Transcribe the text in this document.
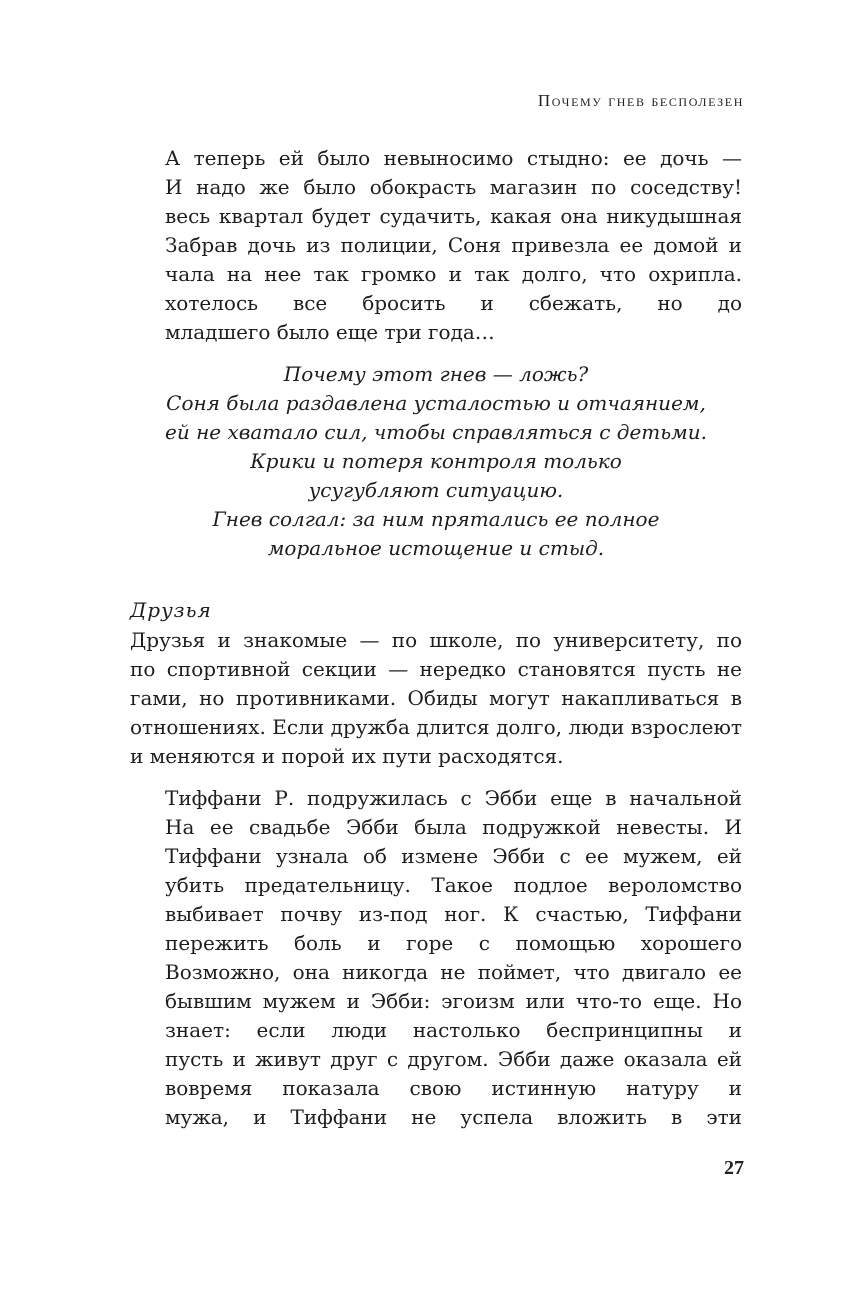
Почему гнев бесполезен
А теперь ей было невыносимо стыдно: ее дочь —
И надо же было обокрасть магазин по соседству!
весь квартал будет судачить, какая она никудышная
Забрав дочь из полиции, Соня привезла ее домой и
чала на нее так громко и так долго, что охрипла.
хотелось все бросить и сбежать, но до
младшего было еще три года…
Почему этот гнев — ложь?
Соня была раздавлена усталостью и отчаянием,
ей не хватало сил, чтобы справляться с детьми.
Крики и потеря контроля только
усугубляют ситуацию.
Гнев солгал: за ним прятались ее полное
моральное истощение и стыд.
Друзья
Друзья и знакомые — по школе, по университету, по
по спортивной секции — нередко становятся пусть не
гами, но противниками. Обиды могут накапливаться в
отношениях. Если дружба длится долго, люди взрослеют
и меняются и порой их пути расходятся.
Тиффани Р. подружилась с Эбби еще в начальной
На ее свадьбе Эбби была подружкой невесты. И
Тиффани узнала об измене Эбби с ее мужем, ей
убить предательницу. Такое подлое вероломство
выбивает почву из-под ног. К счастью, Тиффани
пережить боль и горе с помощью хорошего
Возможно, она никогда не поймет, что двигало ее
бывшим мужем и Эбби: эгоизм или что-то еще. Но
знает: если люди настолько беспринципны и
пусть и живут друг с другом. Эбби даже оказала ей
вовремя показала свою истинную натуру и
мужа, и Тиффани не успела вложить в эти
27
